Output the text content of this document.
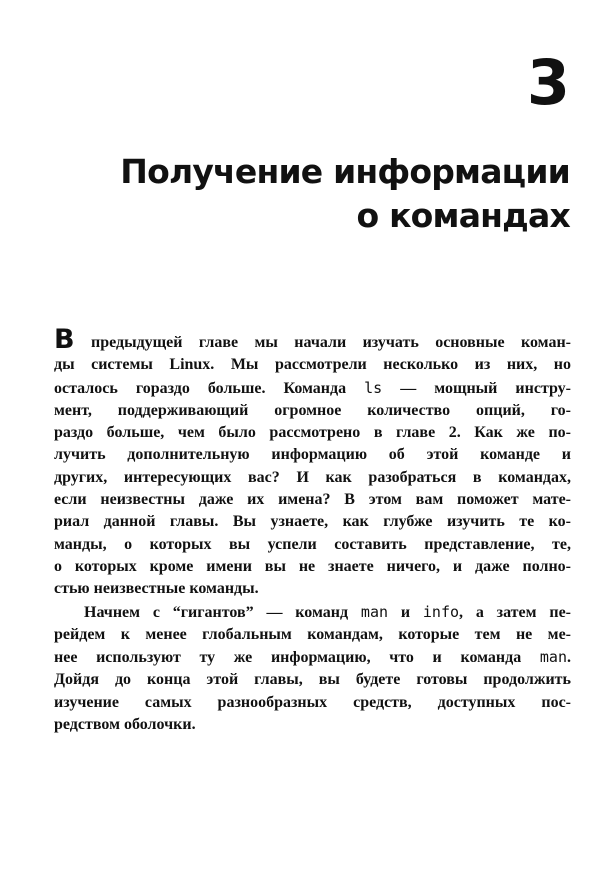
3
Получение информации
о командах
В предыдущей главе мы начали изучать основные коман-
ды системы Linux. Мы рассмотрели несколько из них, но
осталось гораздо больше. Команда ls — мощный инстру-
мент, поддерживающий огромное количество опций, го-
раздо больше, чем было рассмотрено в главе 2. Как же по-
лучить дополнительную информацию об этой команде и
других, интересующих вас? И как разобраться в командах,
если неизвестны даже их имена? В этом вам поможет мате-
риал данной главы. Вы узнаете, как глубже изучить те ко-
манды, о которых вы успели составить представление, те,
о которых кроме имени вы не знаете ничего, и даже полно-
стью неизвестные команды.
Начнем с “гигантов” — команд man и info, а затем пе-
рейдем к менее глобальным командам, которые тем не ме-
нее используют ту же информацию, что и команда man.
Дойдя до конца этой главы, вы будете готовы продолжить
изучение самых разнообразных средств, доступных пос-
редством оболочки.
